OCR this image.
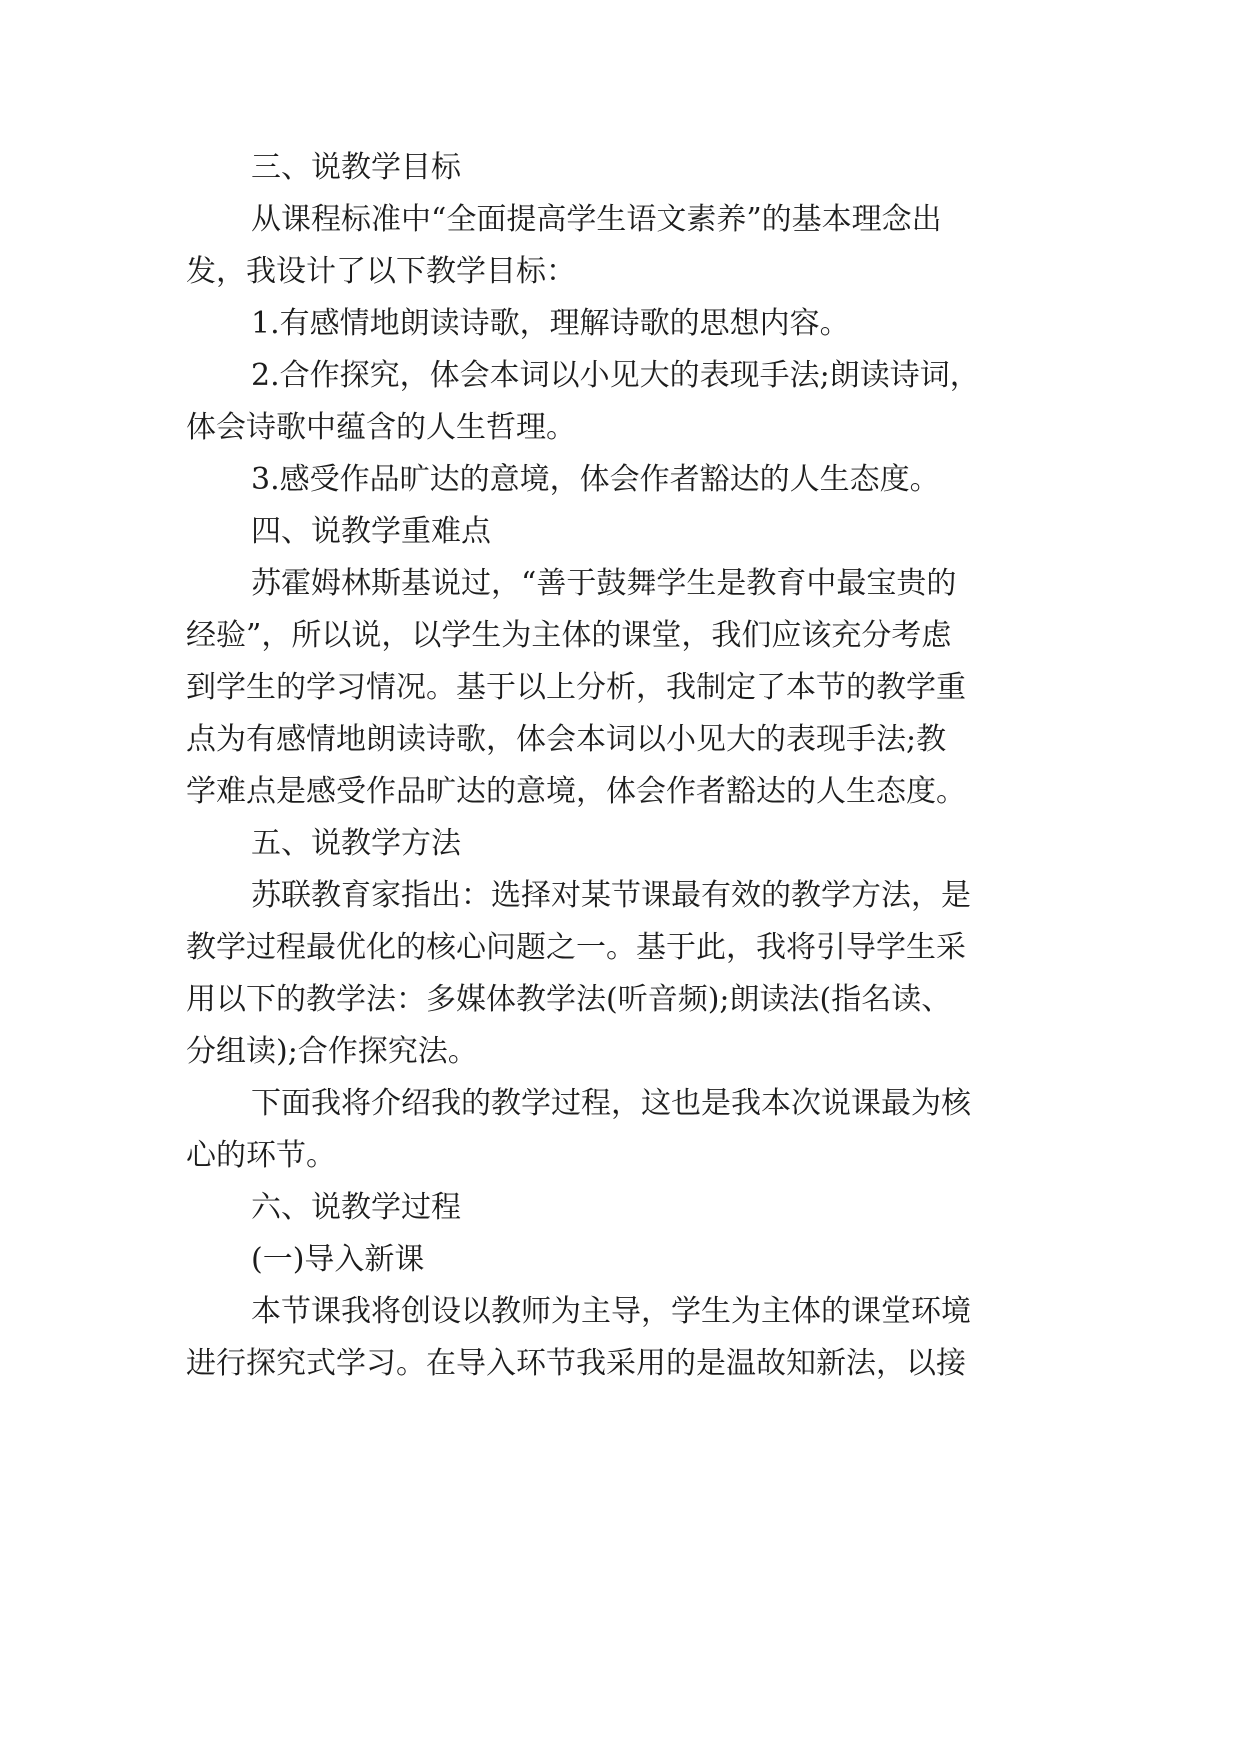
三、说教学目标
从课程标准中“全面提高学生语文素养”的基本理念出
发，我设计了以下教学目标：
1.有感情地朗读诗歌，理解诗歌的思想内容。
2.合作探究，体会本词以小见大的表现手法;朗读诗词，
体会诗歌中蕴含的人生哲理。
3.感受作品旷达的意境，体会作者豁达的人生态度。
四、说教学重难点
苏霍姆林斯基说过，“善于鼓舞学生是教育中最宝贵的
经验”，所以说，以学生为主体的课堂，我们应该充分考虑
到学生的学习情况。基于以上分析，我制定了本节的教学重
点为有感情地朗读诗歌，体会本词以小见大的表现手法;教
学难点是感受作品旷达的意境，体会作者豁达的人生态度。
五、说教学方法
苏联教育家指出：选择对某节课最有效的教学方法，是
教学过程最优化的核心问题之一。基于此，我将引导学生采
用以下的教学法：多媒体教学法(听音频);朗读法(指名读、
分组读);合作探究法。
下面我将介绍我的教学过程，这也是我本次说课最为核
心的环节。
六、说教学过程
(一)导入新课
本节课我将创设以教师为主导，学生为主体的课堂环境
进行探究式学习。在导入环节我采用的是温故知新法，以接
